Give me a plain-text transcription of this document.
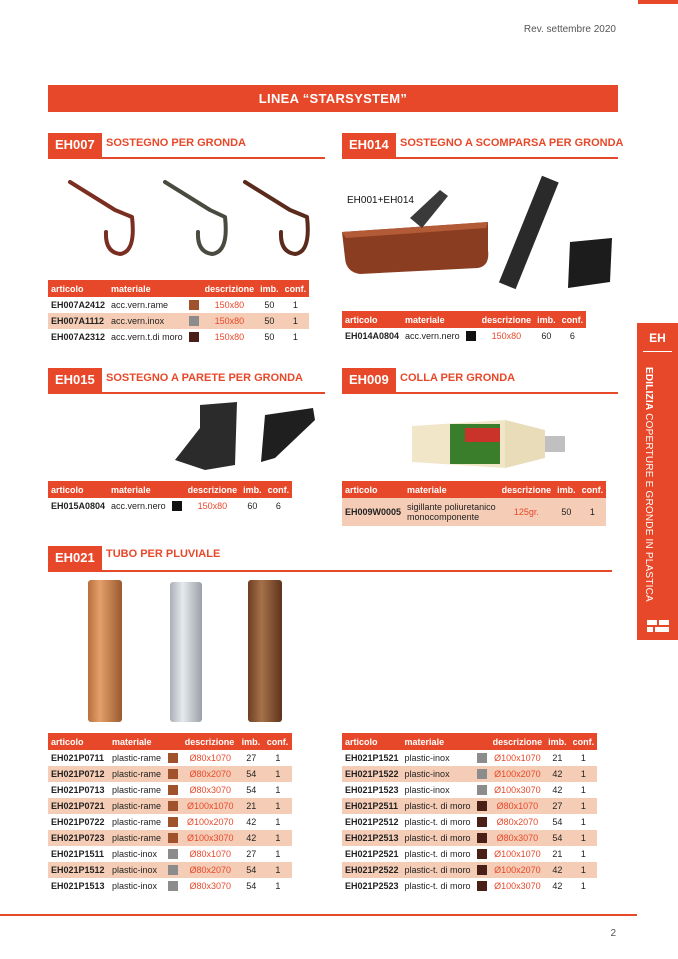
Rev. settembre 2020
LINEA “STARSYSTEM”
EH007	SOSTEGNO PER GRONDA
articolo	materiale		descrizione	imb.	conf.
EH007A2412	acc.vern.rame		150x80	50	1
EH007A1112	acc.vern.inox		150x80	50	1
EH007A2312	acc.vern.t.di moro		150x80	50	1
EH014	SOSTEGNO A SCOMPARSA PER GRONDA
EH001+EH014
articolo	materiale		descrizione	imb.	conf.
EH014A0804	acc.vern.nero		150x80	60	6
EH015	SOSTEGNO A PARETE PER GRONDA
articolo	materiale		descrizione	imb.	conf.
EH015A0804	acc.vern.nero		150x80	60	6
EH009	COLLA PER GRONDA
articolo	materiale	descrizione	imb.	conf.
EH009W0005	sigillante poliuretanico
monocomponente	125gr.	50	1
EH021	TUBO PER PLUVIALE
articolo	materiale		descrizione	imb.	conf.
EH021P0711	plastic-rame		Ø80x1070	27	1
EH021P0712	plastic-rame		Ø80x2070	54	1
EH021P0713	plastic-rame		Ø80x3070	54	1
EH021P0721	plastic-rame		Ø100x1070	21	1
EH021P0722	plastic-rame		Ø100x2070	42	1
EH021P0723	plastic-rame		Ø100x3070	42	1
EH021P1511	plastic-inox		Ø80x1070	27	1
EH021P1512	plastic-inox		Ø80x2070	54	1
EH021P1513	plastic-inox		Ø80x3070	54	1
articolo	materiale		descrizione	imb.	conf.
EH021P1521	plastic-inox		Ø100x1070	21	1
EH021P1522	plastic-inox		Ø100x2070	42	1
EH021P1523	plastic-inox		Ø100x3070	42	1
EH021P2511	plastic-t. di moro		Ø80x1070	27	1
EH021P2512	plastic-t. di moro		Ø80x2070	54	1
EH021P2513	plastic-t. di moro		Ø80x3070	54	1
EH021P2521	plastic-t. di moro		Ø100x1070	21	1
EH021P2522	plastic-t. di moro		Ø100x2070	42	1
EH021P2523	plastic-t. di moro		Ø100x3070	42	1
EH
EDILIZIA COPERTURE E GRONDE IN PLASTICA
2
